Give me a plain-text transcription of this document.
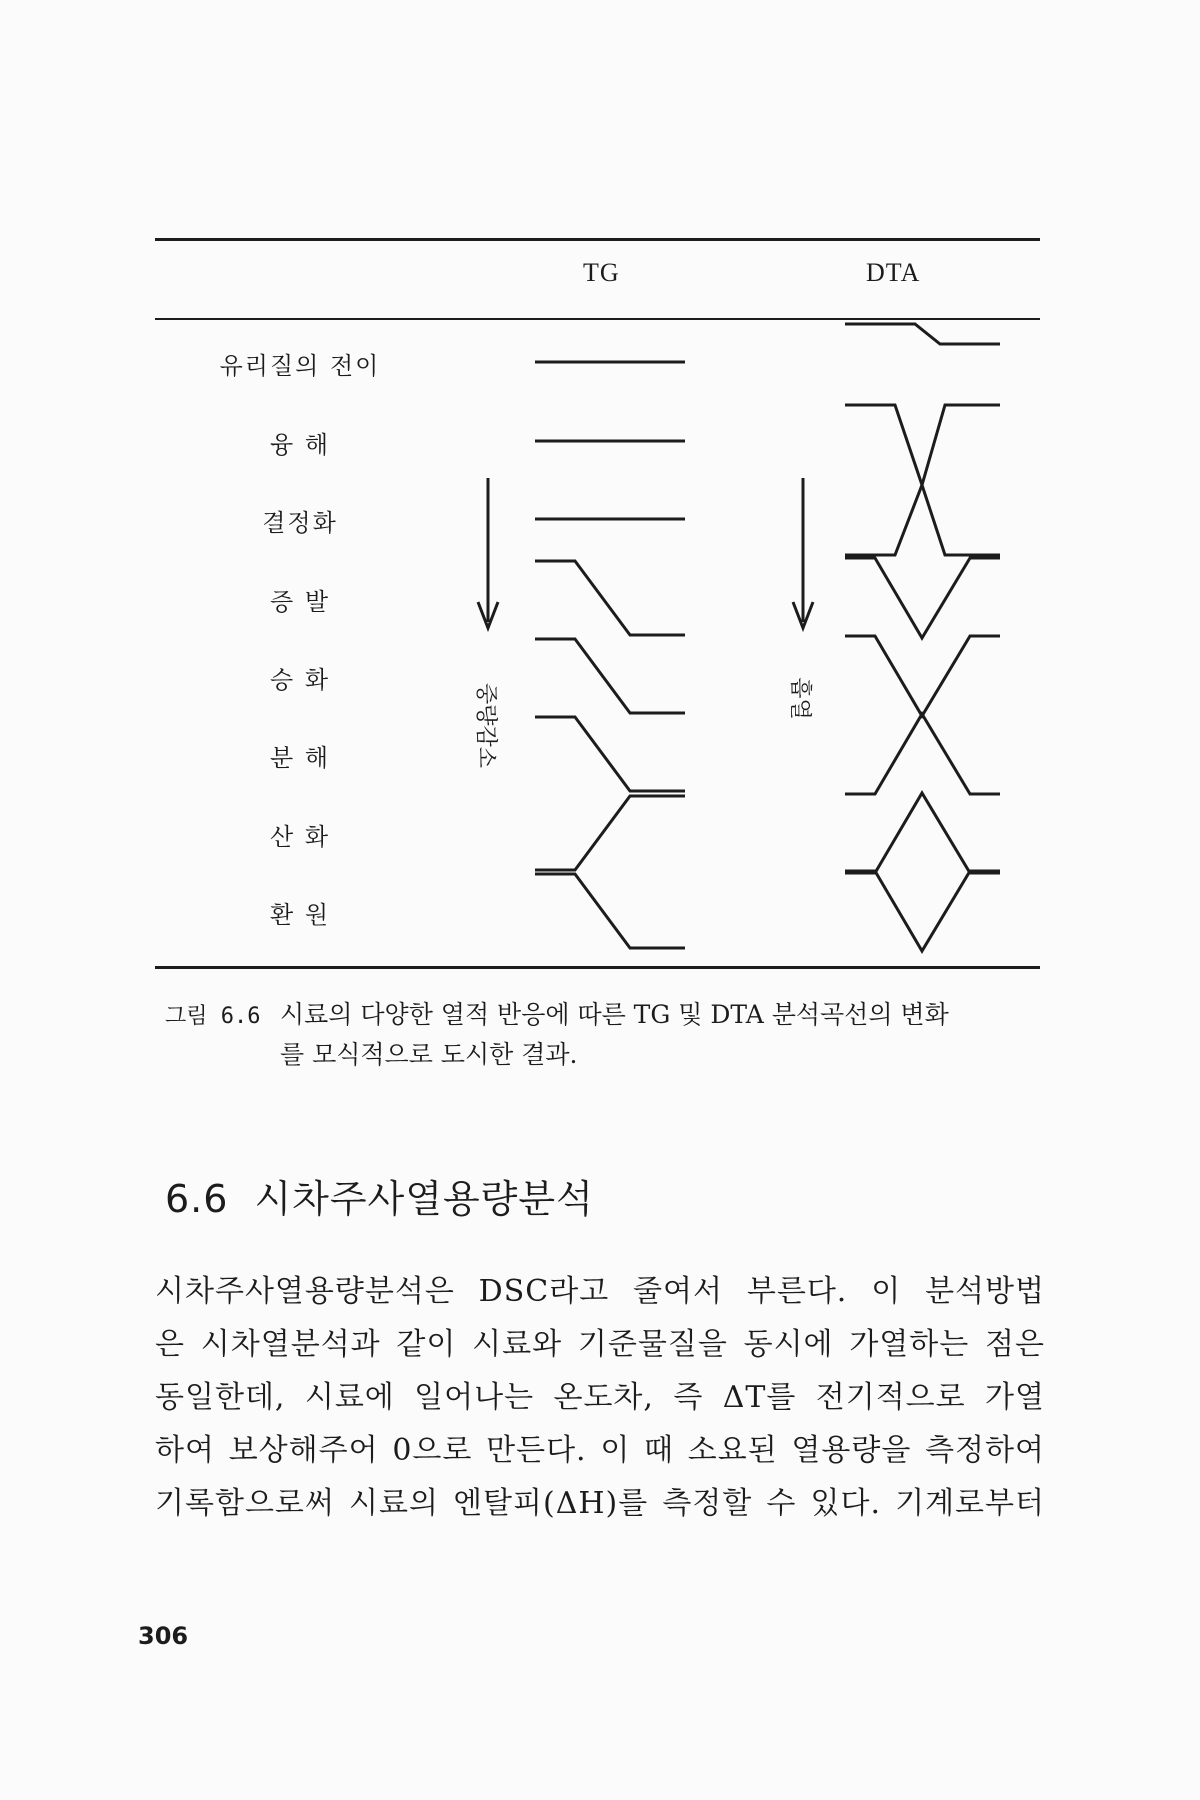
TG	DTA
유리질의 전이
융 해
결정화
증 발
승 화
분 해
산 화
환 원
중량감소	흡열
그림 6.6 시료의 다양한 열적 반응에 따른 TG 및 DTA 분석곡선의 변화
를 모식적으로 도시한 결과.
6.6 시차주사열용량분석

시차주사열용량분석은 DSC라고 줄여서 부른다. 이 분석방법

은 시차열분석과 같이 시료와 기준물질을 동시에 가열하는 점은

동일한데, 시료에 일어나는 온도차, 즉 ΔT를 전기적으로 가열

하여 보상해주어 0으로 만든다. 이 때 소요된 열용량을 측정하여

기록함으로써 시료의 엔탈피(ΔH)를 측정할 수 있다. 기계로부터

306
